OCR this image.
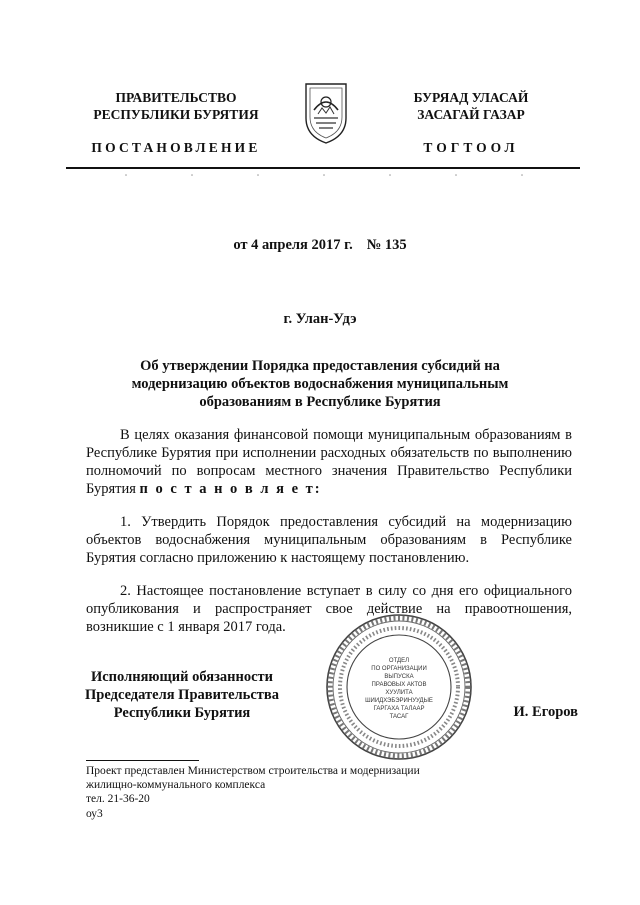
ПРАВИТЕЛЬСТВО
РЕСПУБЛИКИ БУРЯТИЯ
БУРЯАД УЛАСАЙ
ЗАСАГАЙ ГАЗАР
ПОСТАНОВЛЕНИЕ	ТОГТООЛ
от 4 апреля 2017 г. № 135
г. Улан-Удэ
Об утверждении Порядка предоставления субсидий на модернизацию объектов водоснабжения муниципальным образованиям в Республике Бурятия
В целях оказания финансовой помощи муниципальным образованиям в Республике Бурятия при исполнении расходных обязательств по выполнению полномочий по вопросам местного значения Правительство Республики Бурятия п о с т а н о в л я е т:
1. Утвердить Порядок предоставления субсидий на модернизацию объектов водоснабжения муниципальным образованиям в Республике Бурятия согласно приложению к настоящему постановлению.
2. Настоящее постановление вступает в силу со дня его официального опубликования и распространяет свое действие на правоотношения, возникшие с 1 января 2017 года.
ОТДЕЛ
ПО ОРГАНИЗАЦИИ
ВЫПУСКА
ПРАВОВЫХ АКТОВ
ХУУЛИТА
ШИИДХЭБЭРИНУУДЫЕ
ГАРГАХА ТАЛААР
ТАСАГ
Исполняющий обязанности
Председателя Правительства
Республики Бурятия	И. Егоров
Проект представлен Министерством строительства и модернизации
жилищно-коммунального комплекса
тел. 21-36-20
оу3
